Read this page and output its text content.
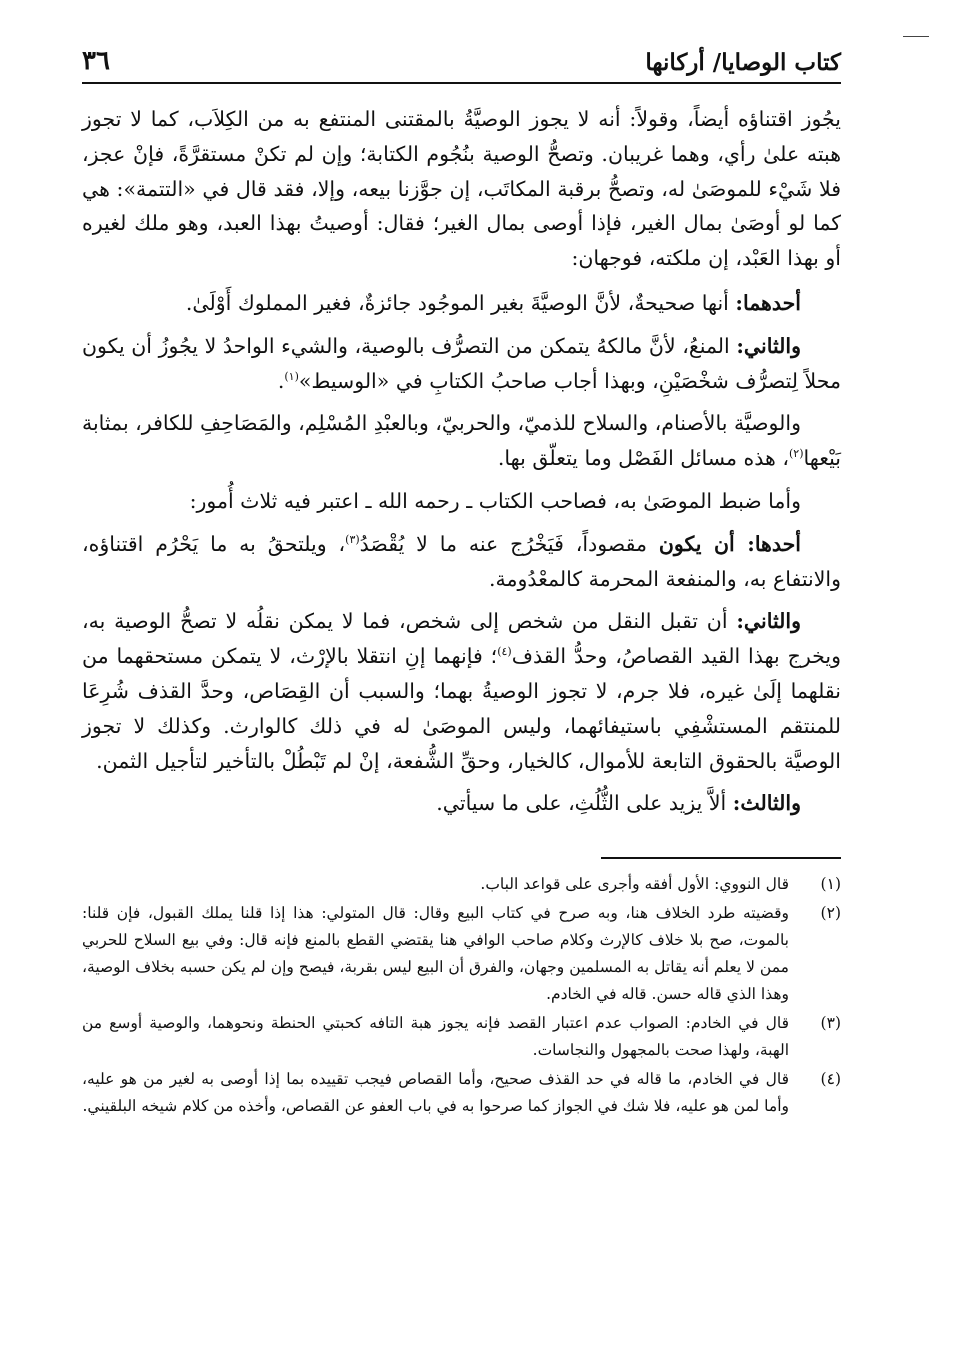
كتاب الوصايا/ أركانها
٣٦

يجُوز اقتناؤه أيضاً، وقولاً: أنه لا يجوز الوصيَّةُ بالمقتنى المنتفع به من الكِلاَب، كما لا تجوز هبته علىٰ رأي، وهما غريبان. وتصحُّ الوصية بنُجُوم الكتابة؛ وإن لم تكنْ مستقرَّةً، فإنْ عجز، فلا شَيْء للموصَىٰ له، وتصحُّ برقبة المكاتَب، إن جوَّزنا بيعه، وإلا، فقد قال في «التتمة»: هي كما لو أوصَىٰ بمال الغير، فإذا أوصى بمال الغير؛ فقال: أوصيتُ بهذا العبد، وهو ملك لغيره أو بهذا العَبْد، إن ملكته، فوجهان:

أحدهما: أنها صحيحةٌ، لأنَّ الوصيَّةَ بغير الموجُود جائزةٌ، فغير المملوك أَوْلَىٰ.

والثاني: المنعُ، لأنَّ مالكهُ يتمكن من التصرُّف بالوصية، والشيء الواحدُ لا يجُوزُ أن يكون محلاً لِتصرُّف شخْصَيْنِ، وبهذا أجاب صاحبُ الكتابِ في «الوسيط»$^{(١)}$.

والوصيَّة بالأصنام، والسلاح للذميّ، والحربيّ، وبالعبْدِ المُسْلِم، والمَصَاحِفِ للكافر، بمثابة بَيْعها$^{(٢)}$، هذه مسائل الفَصْل وما يتعلّق بها.

وأما ضبط الموصَىٰ به، فصاحب الكتاب ـ رحمه الله ـ اعتبر فيه ثلاث أُمور:

أحدها: أن يكون مقصوداً، فَيَخْرُج عنه ما لا يُقْصَدُ$^{(٣)}$، ويلتحقُ به ما يَحْرُم اقتناؤه، والانتفاع به، والمنفعة المحرمة كالمعْدُومة.

والثاني: أن تقبل النقل من شخص إلى شخص، فما لا يمكن نقلُه لا تصحُّ الوصية به، ويخرج بهذا القيد القصاصُ، وحدُّ القذف$^{(٤)}$؛ فإنهما إنِ انتقلا بالإرْث، لا يتمكن مستحقهما من نقلهما إلَىٰ غيره، فلا جرم، لا تجوز الوصيةُ بهما؛ والسبب أن القِصَاص، وحدَّ القذف شُرِعَا للمنتقم المستشْفِي باستيفائهما، وليس الموصَىٰ له في ذلك كالوارث. وكذلك لا تجوز الوصيَّة بالحقوق التابعة للأموال، كالخيار، وحقِّ الشُّفعة، إنْ لم تَبْطُلْ بالتأخير لتأجيل الثمن.

والثالث: ألاَّ يزيد على الثُّلُثِ، على ما سيأتي.

(١)
قال النووي: الأول أفقه وأجرى على قواعد الباب.
(٢)
وقضيته طرد الخلاف هنا، وبه صرح في كتاب البيع وقال: قال المتولي: هذا إذا قلنا يملك القبول، فإن قلنا: بالموت، صح بلا خلاف كالإرث وكلام صاحب الوافي هنا يقتضي القطع بالمنع فإنه قال: وفي بيع السلاح للحربي ممن لا يعلم أنه يقاتل به المسلمين وجهان، والفرق أن البيع ليس بقربة، فيصح وإن لم يكن حسبه بخلاف الوصية، وهذا الذي قاله حسن. قاله في الخادم.
(٣)
قال في الخادم: الصواب عدم اعتبار القصد فإنه يجوز هبة التافه كحبتي الحنطة ونحوهما، والوصية أوسع من الهبة، ولهذا صحت بالمجهول والنجاسات.
(٤)
قال في الخادم، ما قاله في حد القذف صحيح، وأما القصاص فيجب تقييده بما إذا أوصى به لغير من هو عليه، وأما لمن هو عليه، فلا شك في الجواز كما صرحوا به في باب العفو عن القصاص، وأخذه من كلام شيخه البلقيني.
